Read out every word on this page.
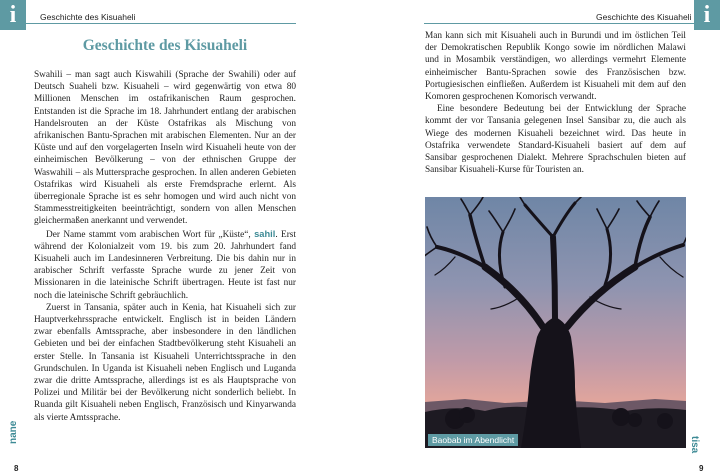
i	i
Geschichte des Kisuaheli	Geschichte des Kisuaheli
Geschichte des Kisuaheli

Swahili – man sagt auch Kiswahili (Sprache der Swahili) oder auf Deutsch Suaheli bzw. Kisuaheli – wird gegenwärtig von etwa 80 Millionen Menschen im ostafrikanischen Raum gesprochen. Entstanden ist die Sprache im 18. Jahrhundert entlang der arabischen Handelsrouten an der Küste Ostafrikas als Mischung von afrikanischen Bantu-Sprachen mit arabischen Elementen. Nur an der Küste und auf den vorgelagerten Inseln wird Kisuaheli heute von der einheimischen Bevölkerung – von der ethnischen Gruppe der Waswahili – als Muttersprache gesprochen. In allen anderen Gebieten Ostafrikas wird Kisuaheli als erste Fremdsprache erlernt. Als überregionale Sprache ist es sehr homogen und wird auch nicht von Stammesstreitigkeiten beeinträchtigt, sondern von allen Menschen gleichermaßen anerkannt und verwendet.

Der Name stammt vom arabischen Wort für „Küste“, sahil. Erst während der Kolonialzeit vom 19. bis zum 20. Jahrhundert fand Kisuaheli auch im Landesinneren Verbreitung. Die bis dahin nur in arabischer Schrift verfasste Sprache wurde zu jener Zeit von Missionaren in die lateinische Schrift übertragen. Heute ist fast nur noch die lateinische Schrift gebräuchlich.

Zuerst in Tansania, später auch in Kenia, hat Kisuaheli sich zur Hauptverkehrssprache entwickelt. Englisch ist in beiden Ländern zwar ebenfalls Amtssprache, aber insbesondere in den ländlichen Gebieten und bei der einfachen Stadtbevölkerung steht Kisuaheli an erster Stelle. In Tansania ist Kisuaheli Unterrichtssprache in den Grundschulen. In Uganda ist Kisuaheli neben Englisch und Luganda zwar die dritte Amtssprache, allerdings ist es als Hauptsprache von Polizei und Militär bei der Bevölkerung nicht sonderlich beliebt. In Ruanda gilt Kisuaheli neben Englisch, Französisch und Kinyarwanda als vierte Amtssprache.

Man kann sich mit Kisuaheli auch in Burundi und im östlichen Teil der Demokratischen Republik Kongo sowie im nördlichen Malawi und in Mosambik verständigen, wo allerdings vermehrt Elemente einheimischer Bantu-Sprachen sowie des Französischen bzw. Portugiesischen einfließen. Außerdem ist Kisuaheli mit dem auf den Komoren gesprochenen Komorisch verwandt.

Eine besondere Bedeutung bei der Entwicklung der Sprache kommt der vor Tansania gelegenen Insel Sansibar zu, die auch als Wiege des modernen Kisuaheli bezeichnet wird. Das heute in Ostafrika verwendete Standard-Kisuaheli basiert auf dem auf Sansibar gesprochenen Dialekt. Mehrere Sprachschulen bieten auf Sansibar Kisuaheli-Kurse für Touristen an.

Baobab im Abendlicht
nane
tisa
8	9
